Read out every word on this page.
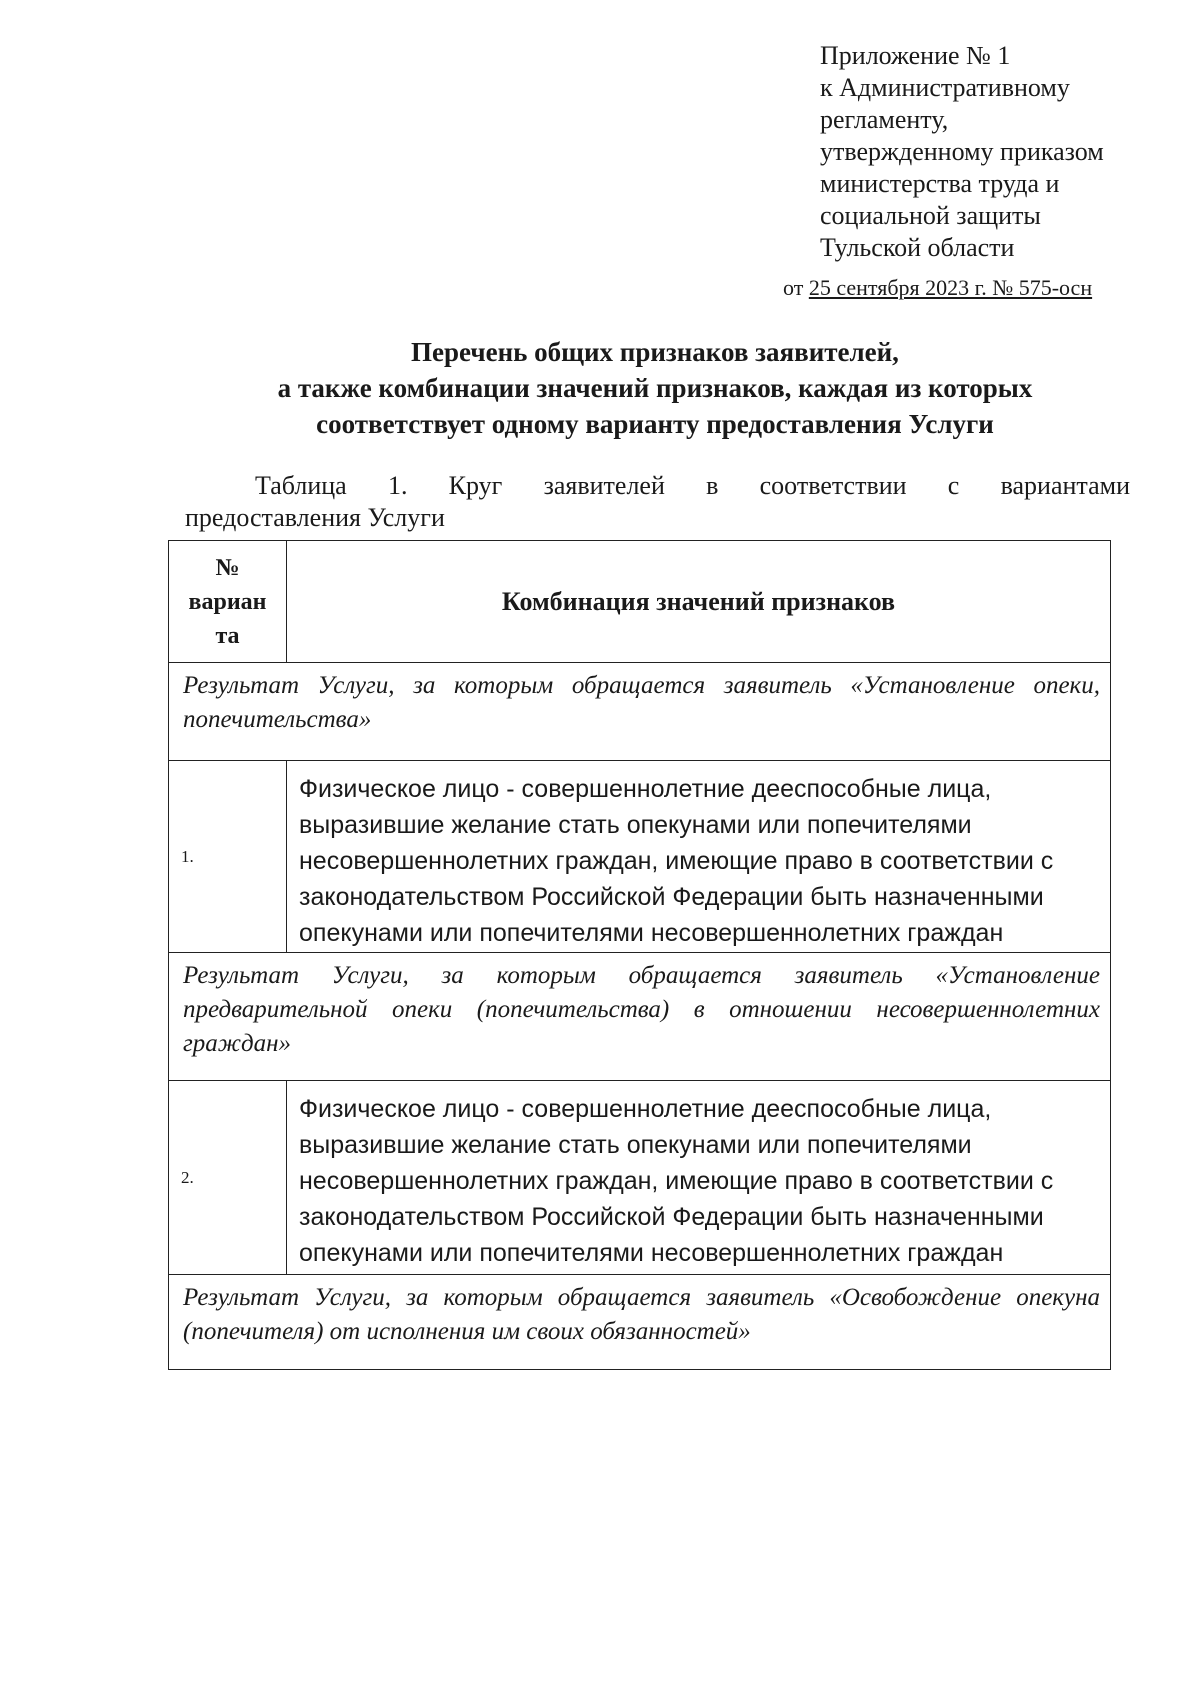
Приложение № 1
к Административному
регламенту,
утвержденному приказом
министерства труда и
социальной защиты
Тульской области
от 25 сентября 2023 г. № 575-осн
Перечень общих признаков заявителей,
а также комбинации значений признаков, каждая из которых
соответствует одному варианту предоставления Услуги
Таблица 1. Круг заявителей в соответствии с вариантами
предоставления Услуги
№
вариан
та
Комбинация значений признаков
Результат Услуги, за которым обращается заявитель «Установление опеки, попечительства»
1.
Физическое лицо - совершеннолетние дееспособные лица,
выразившие желание стать опекунами или попечителями
несовершеннолетних граждан, имеющие право в соответствии с
законодательством Российской Федерации быть назначенными
опекунами или попечителями несовершеннолетних граждан
Результат Услуги, за которым обращается заявитель «Установление предварительной опеки (попечительства) в отношении несовершеннолетних граждан»
2.
Физическое лицо - совершеннолетние дееспособные лица,
выразившие желание стать опекунами или попечителями
несовершеннолетних граждан, имеющие право в соответствии с
законодательством Российской Федерации быть назначенными
опекунами или попечителями несовершеннолетних граждан
Результат Услуги, за которым обращается заявитель «Освобождение опекуна (попечителя) от исполнения им своих обязанностей»
